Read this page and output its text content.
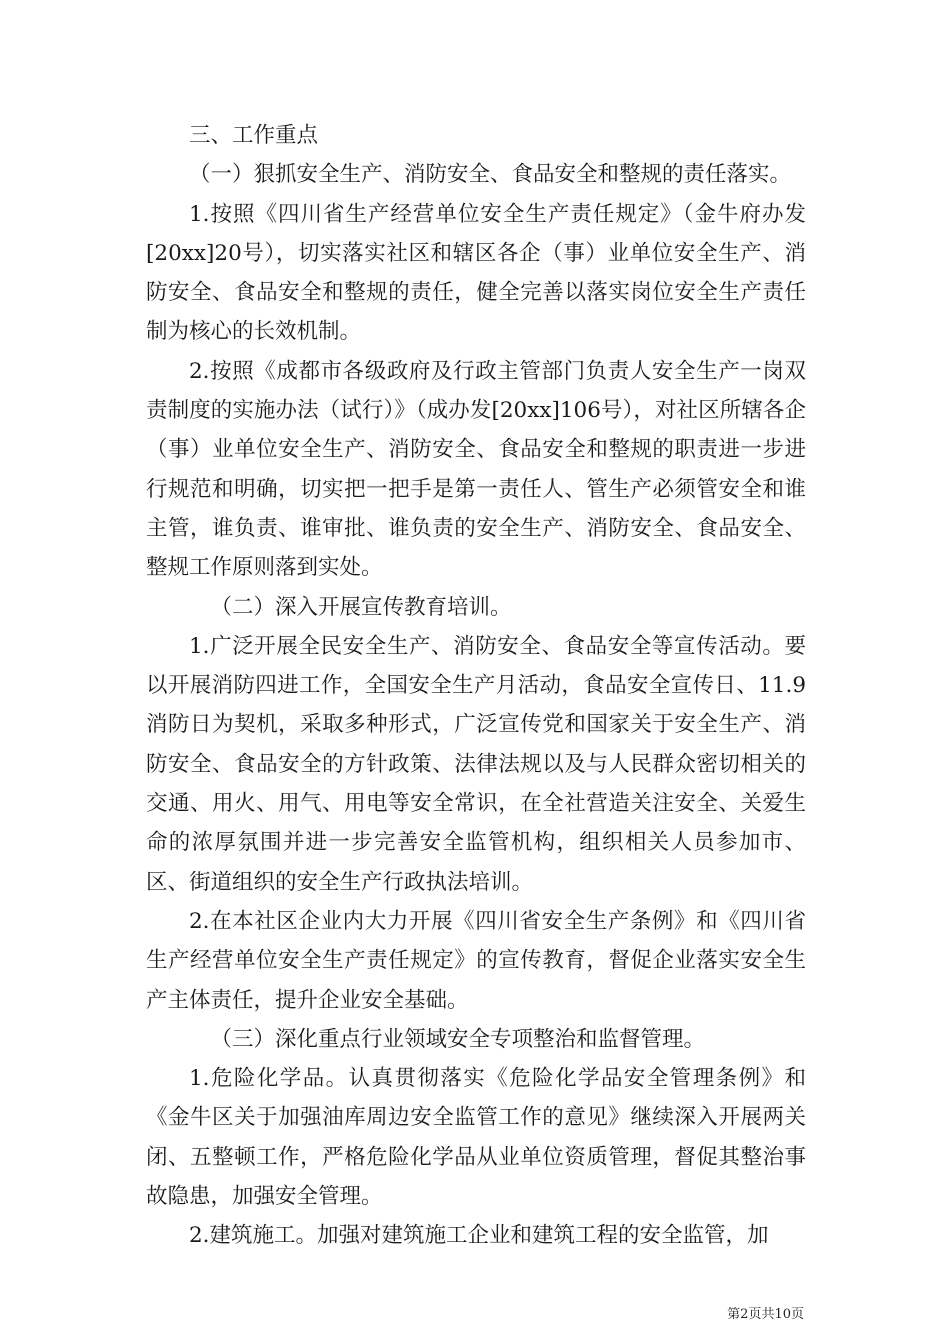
三、工作重点

（一）狠抓安全生产、消防安全、食品安全和整规的责任落实。

1.按照《四川省生产经营单位安全生产责任规定》（金牛府办发[20xx]20号），切实落实社区和辖区各企（事）业单位安全生产、消防安全、食品安全和整规的责任，健全完善以落实岗位安全生产责任制为核心的长效机制。

2.按照《成都市各级政府及行政主管部门负责人安全生产一岗双责制度的实施办法（试行）》（成办发[20xx]106号），对社区所辖各企（事）业单位安全生产、消防安全、食品安全和整规的职责进一步进行规范和明确，切实把一把手是第一责任人、管生产必须管安全和谁主管，谁负责、谁审批、谁负责的安全生产、消防安全、食品安全、整规工作原则落到实处。

（二）深入开展宣传教育培训。

1.广泛开展全民安全生产、消防安全、食品安全等宣传活动。要以开展消防四进工作，全国安全生产月活动，食品安全宣传日、11.9消防日为契机，采取多种形式，广泛宣传党和国家关于安全生产、消防安全、食品安全的方针政策、法律法规以及与人民群众密切相关的交通、用火、用气、用电等安全常识，在全社营造关注安全、关爱生命的浓厚氛围并进一步完善安全监管机构，组织相关人员参加市、区、街道组织的安全生产行政执法培训。

2.在本社区企业内大力开展《四川省安全生产条例》和《四川省生产经营单位安全生产责任规定》的宣传教育，督促企业落实安全生产主体责任，提升企业安全基础。

（三）深化重点行业领域安全专项整治和监督管理。

1.危险化学品。认真贯彻落实《危险化学品安全管理条例》和《金牛区关于加强油库周边安全监管工作的意见》继续深入开展两关闭、五整顿工作，严格危险化学品从业单位资质管理，督促其整治事故隐患，加强安全管理。

2.建筑施工。加强对建筑施工企业和建筑工程的安全监管，加

第2页共10页
